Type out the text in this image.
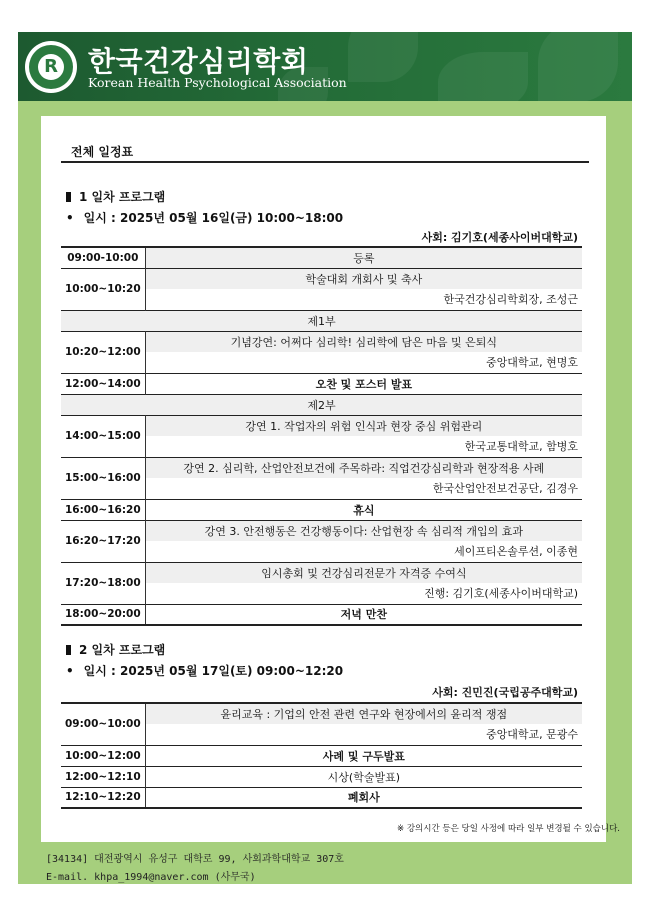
R 한국건강심리학회
Korean Health Psychological Association
전체 일정표
1 일차 프로그램
• 일시 : 2025년 05월 16일(금) 10:00~18:00
사회: 김기호(세종사이버대학교)
09:00-10:00	등록
10:00~10:20	학술대회 개회사 및 축사
	한국건강심리학회장, 조성근
제1부	
10:20~12:00	기념강연: 어쩌다 심리학! 심리학에 담은 마음 및 은퇴식
	중앙대학교, 현명호
12:00~14:00	오찬 및 포스터 발표
제2부	
14:00~15:00	강연 1. 작업자의 위험 인식과 현장 중심 위험관리
	한국교통대학교, 함병호
15:00~16:00	강연 2. 심리학, 산업안전보건에 주목하라: 직업건강심리학과 현장적용 사례
	한국산업안전보건공단, 김경우
16:00~16:20	휴식
16:20~17:20	강연 3. 안전행동은 건강행동이다: 산업현장 속 심리적 개입의 효과
	세이프티온솔루션, 이종현
17:20~18:00	임시총회 및 건강심리전문가 자격증 수여식
	진행: 김기호(세종사이버대학교)
18:00~20:00	저녁 만찬
2 일차 프로그램
• 일시 : 2025년 05월 17일(토) 09:00~12:20
사회: 진민진(국립공주대학교)
09:00~10:00	윤리교육 : 기업의 안전 관련 연구와 현장에서의 윤리적 쟁점
	중앙대학교, 문광수
10:00~12:00	사례 및 구두발표
12:00~12:10	시상(학술발표)
12:10~12:20	폐회사
※ 강의시간 등은 당일 사정에 따라 일부 변경될 수 있습니다.
[34134] 대전광역시 유성구 대학로 99, 사회과학대학교 307호
E-mail. khpa_1994@naver.com (사무국)
